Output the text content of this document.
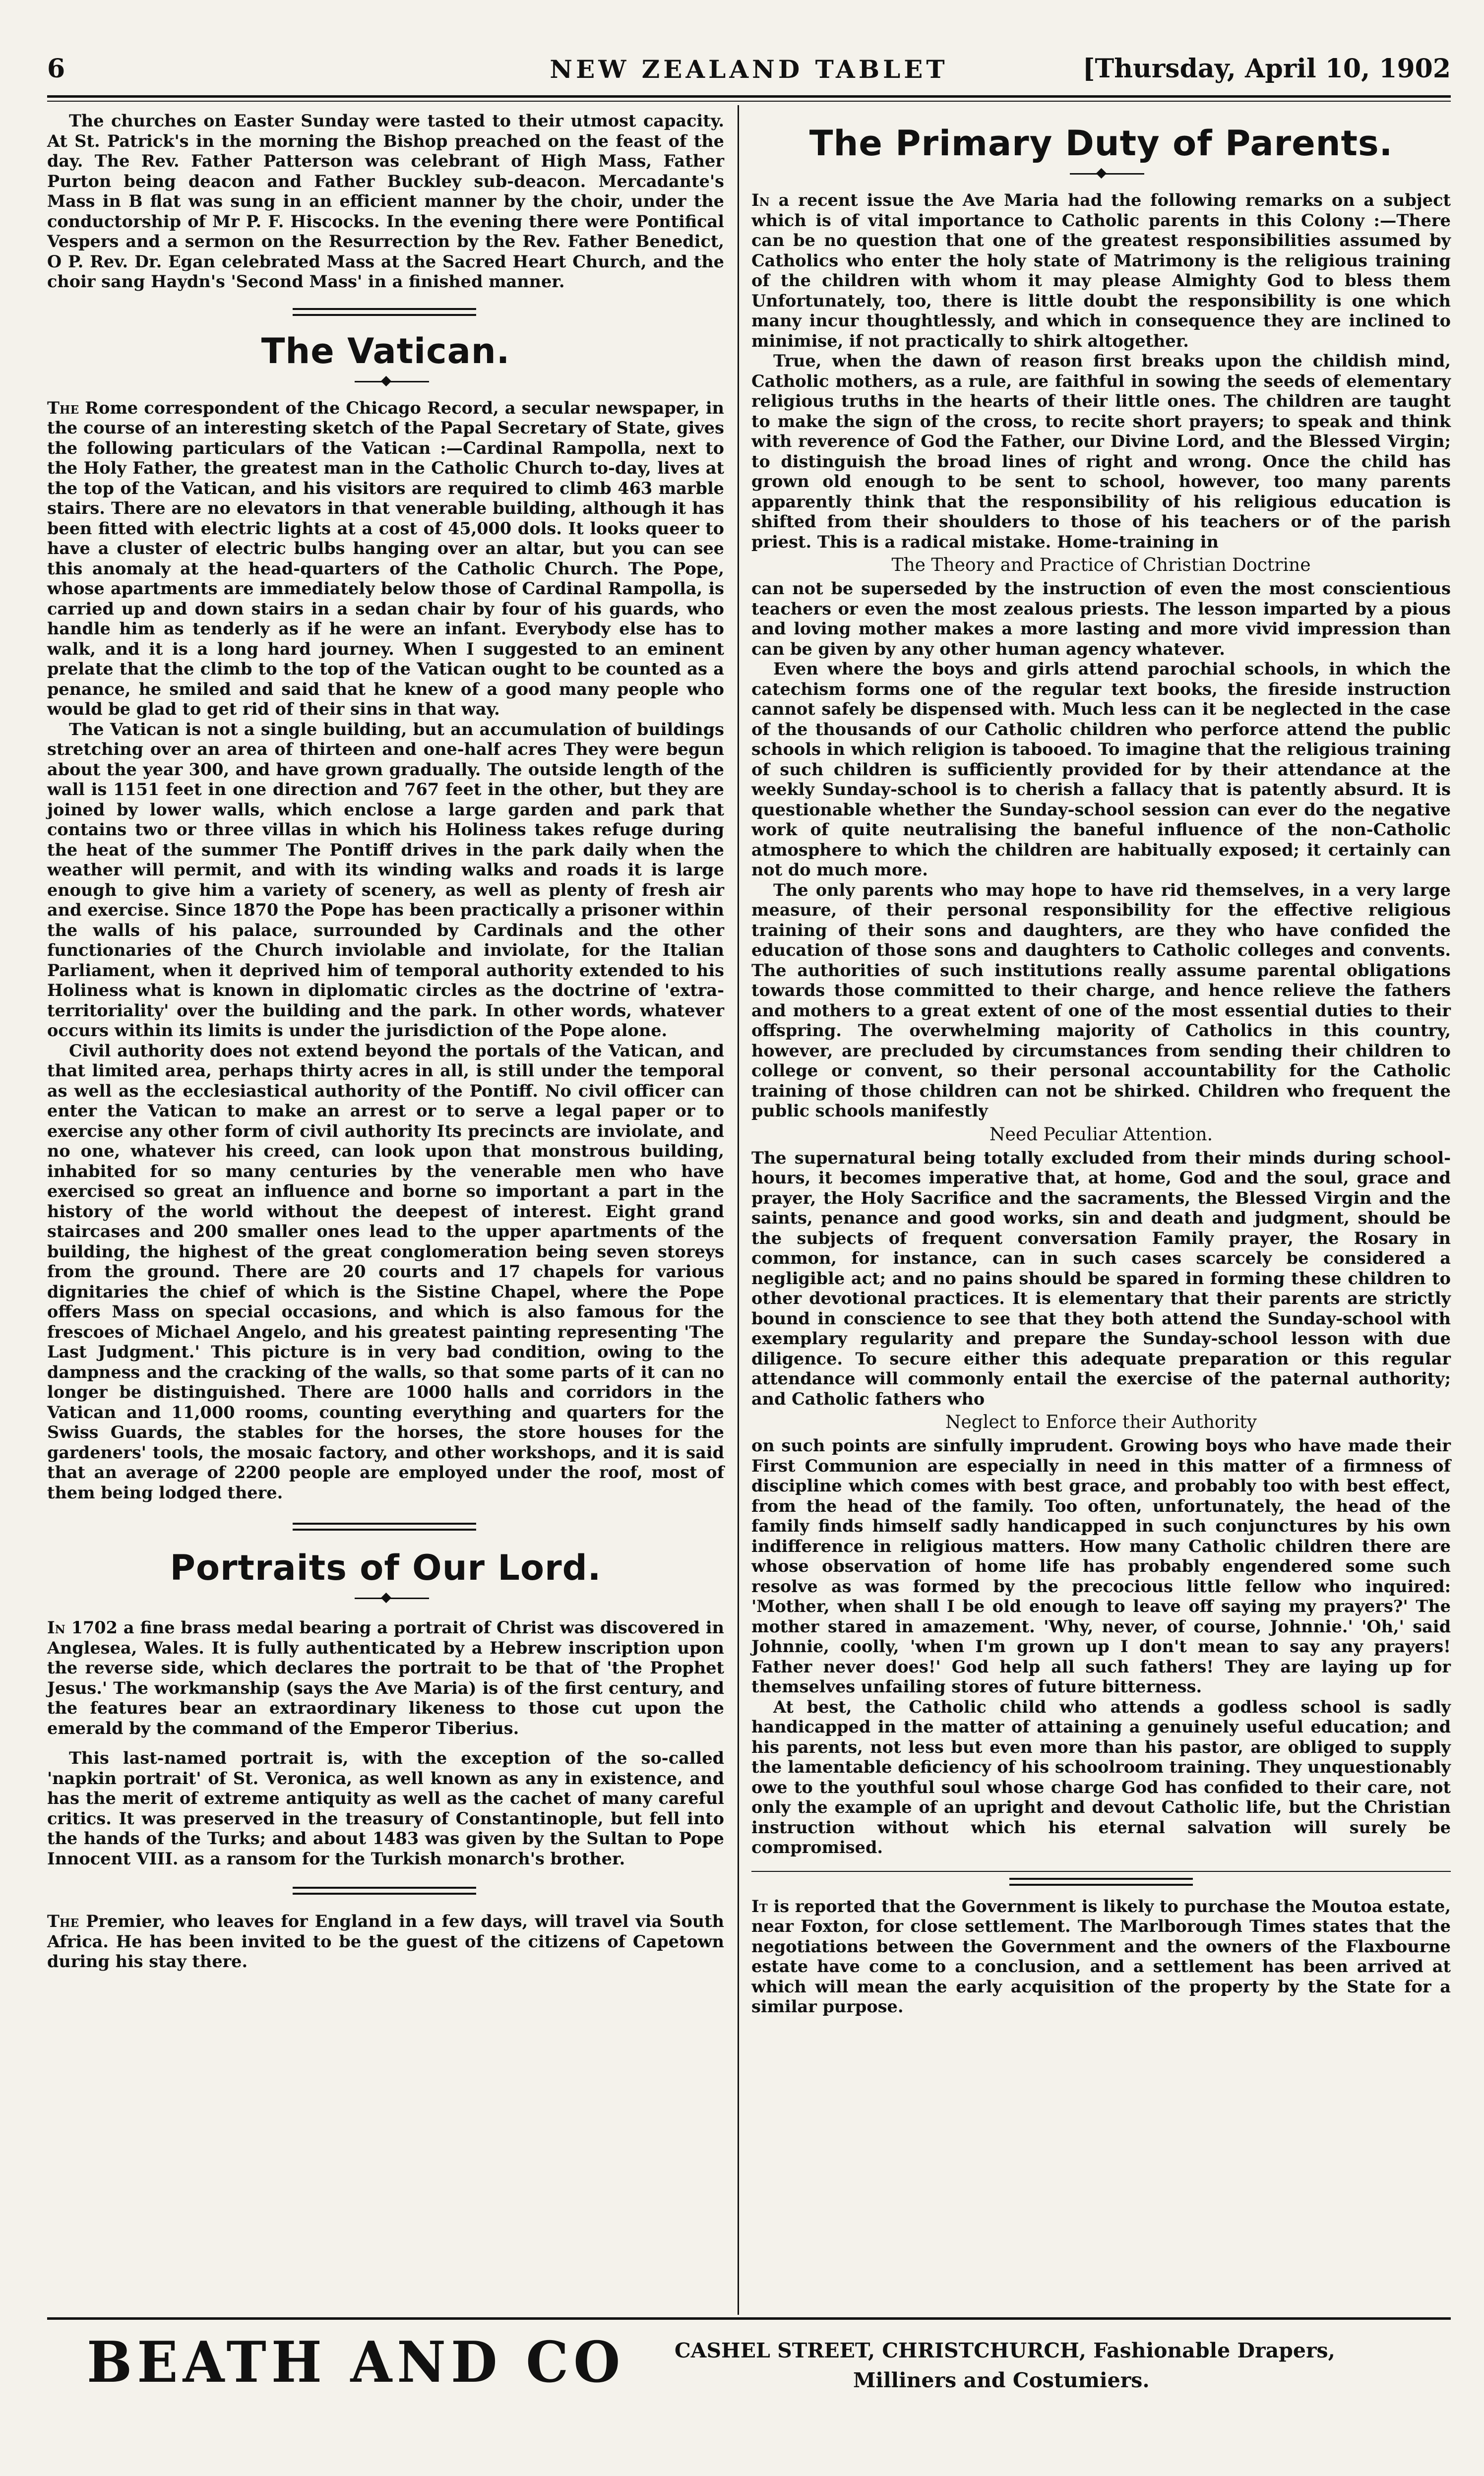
6	NEW ZEALAND TABLET	[Thursday, April 10, 1902

The churches on Easter Sunday were tasted to their utmost capacity. At St. Patrick's in the morning the Bishop preached on the feast of the day. The Rev. Father Patterson was celebrant of High Mass, Father Purton being deacon and Father Buckley sub-deacon. Mercadante's Mass in B flat was sung in an efficient manner by the choir, under the conductorship of Mr P. F. Hiscocks. In the evening there were Pontifical Vespers and a sermon on the Resurrection by the Rev. Father Benedict, O P. Rev. Dr. Egan celebrated Mass at the Sacred Heart Church, and the choir sang Haydn's 'Second Mass' in a finished manner.

The Vatican.

The Rome correspondent of the Chicago Record, a secular newspaper, in the course of an interesting sketch of the Papal Secretary of State, gives the following particulars of the Vatican :—Cardinal Rampolla, next to the Holy Father, the greatest man in the Catholic Church to-day, lives at the top of the Vatican, and his visitors are required to climb 463 marble stairs. There are no elevators in that venerable building, although it has been fitted with electric lights at a cost of 45,000 dols. It looks queer to have a cluster of electric bulbs hanging over an altar, but you can see this anomaly at the head-quarters of the Catholic Church. The Pope, whose apartments are immediately below those of Cardinal Rampolla, is carried up and down stairs in a sedan chair by four of his guards, who handle him as tenderly as if he were an infant. Everybody else has to walk, and it is a long hard journey. When I suggested to an eminent prelate that the climb to the top of the Vatican ought to be counted as a penance, he smiled and said that he knew of a good many people who would be glad to get rid of their sins in that way.

The Vatican is not a single building, but an accumulation of buildings stretching over an area of thirteen and one-half acres They were begun about the year 300, and have grown gradually. The outside length of the wall is 1151 feet in one direction and 767 feet in the other, but they are joined by lower walls, which enclose a large garden and park that contains two or three villas in which his Holiness takes refuge during the heat of the summer The Pontiff drives in the park daily when the weather will permit, and with its winding walks and roads it is large enough to give him a variety of scenery, as well as plenty of fresh air and exercise. Since 1870 the Pope has been practically a prisoner within the walls of his palace, surrounded by Cardinals and the other functionaries of the Church inviolable and inviolate, for the Italian Parliament, when it deprived him of temporal authority extended to his Holiness what is known in diplomatic circles as the doctrine of 'extra-territoriality' over the building and the park. In other words, whatever occurs within its limits is under the jurisdiction of the Pope alone.

Civil authority does not extend beyond the portals of the Vatican, and that limited area, perhaps thirty acres in all, is still under the temporal as well as the ecclesiastical authority of the Pontiff. No civil officer can enter the Vatican to make an arrest or to serve a legal paper or to exercise any other form of civil authority Its precincts are inviolate, and no one, whatever his creed, can look upon that monstrous building, inhabited for so many centuries by the venerable men who have exercised so great an influence and borne so important a part in the history of the world without the deepest of interest. Eight grand staircases and 200 smaller ones lead to the upper apartments of the building, the highest of the great conglomeration being seven storeys from the ground. There are 20 courts and 17 chapels for various dignitaries the chief of which is the Sistine Chapel, where the Pope offers Mass on special occasions, and which is also famous for the frescoes of Michael Angelo, and his greatest painting representing 'The Last Judgment.' This picture is in very bad condition, owing to the dampness and the cracking of the walls, so that some parts of it can no longer be distinguished. There are 1000 halls and corridors in the Vatican and 11,000 rooms, counting everything and quarters for the Swiss Guards, the stables for the horses, the store houses for the gardeners' tools, the mosaic factory, and other workshops, and it is said that an average of 2200 people are employed under the roof, most of them being lodged there.

Portraits of Our Lord.

In 1702 a fine brass medal bearing a portrait of Christ was discovered in Anglesea, Wales. It is fully authenticated by a Hebrew inscription upon the reverse side, which declares the portrait to be that of 'the Prophet Jesus.' The workmanship (says the Ave Maria) is of the first century, and the features bear an extraordinary likeness to those cut upon the emerald by the command of the Emperor Tiberius.

This last-named portrait is, with the exception of the so-called 'napkin portrait' of St. Veronica, as well known as any in existence, and has the merit of extreme antiquity as well as the cachet of many careful critics. It was preserved in the treasury of Constantinople, but fell into the hands of the Turks; and about 1483 was given by the Sultan to Pope Innocent VIII. as a ransom for the Turkish monarch's brother.

The Premier, who leaves for England in a few days, will travel via South Africa. He has been invited to be the guest of the citizens of Capetown during his stay there.

The Primary Duty of Parents.

In a recent issue the Ave Maria had the following remarks on a subject which is of vital importance to Catholic parents in this Colony :—There can be no question that one of the greatest responsibilities assumed by Catholics who enter the holy state of Matrimony is the religious training of the children with whom it may please Almighty God to bless them Unfortunately, too, there is little doubt the responsibility is one which many incur thoughtlessly, and which in consequence they are inclined to minimise, if not practically to shirk altogether.

True, when the dawn of reason first breaks upon the childish mind, Catholic mothers, as a rule, are faithful in sowing the seeds of elementary religious truths in the hearts of their little ones. The children are taught to make the sign of the cross, to recite short prayers; to speak and think with reverence of God the Father, our Divine Lord, and the Blessed Virgin; to distinguish the broad lines of right and wrong. Once the child has grown old enough to be sent to school, however, too many parents apparently think that the responsibility of his religious education is shifted from their shoulders to those of his teachers or of the parish priest. This is a radical mistake. Home-training in

The Theory and Practice of Christian Doctrine

can not be superseded by the instruction of even the most conscientious teachers or even the most zealous priests. The lesson imparted by a pious and loving mother makes a more lasting and more vivid impression than can be given by any other human agency whatever.

Even where the boys and girls attend parochial schools, in which the catechism forms one of the regular text books, the fireside instruction cannot safely be dispensed with. Much less can it be neglected in the case of the thousands of our Catholic children who perforce attend the public schools in which religion is tabooed. To imagine that the religious training of such children is sufficiently provided for by their attendance at the weekly Sunday-school is to cherish a fallacy that is patently absurd. It is questionable whether the Sunday-school session can ever do the negative work of quite neutralising the baneful influence of the non-Catholic atmosphere to which the children are habitually exposed; it certainly can not do much more.

The only parents who may hope to have rid themselves, in a very large measure, of their personal responsibility for the effective religious training of their sons and daughters, are they who have confided the education of those sons and daughters to Catholic colleges and convents. The authorities of such institutions really assume parental obligations towards those committed to their charge, and hence relieve the fathers and mothers to a great extent of one of the most essential duties to their offspring. The overwhelming majority of Catholics in this country, however, are precluded by circumstances from sending their children to college or convent, so their personal accountability for the Catholic training of those children can not be shirked. Children who frequent the public schools manifestly

Need Peculiar Attention.

The supernatural being totally excluded from their minds during school-hours, it becomes imperative that, at home, God and the soul, grace and prayer, the Holy Sacrifice and the sacraments, the Blessed Virgin and the saints, penance and good works, sin and death and judgment, should be the subjects of frequent conversation Family prayer, the Rosary in common, for instance, can in such cases scarcely be considered a negligible act; and no pains should be spared in forming these children to other devotional practices. It is elementary that their parents are strictly bound in conscience to see that they both attend the Sunday-school with exemplary regularity and prepare the Sunday-school lesson with due diligence. To secure either this adequate preparation or this regular attendance will commonly entail the exercise of the paternal authority; and Catholic fathers who

Neglect to Enforce their Authority

on such points are sinfully imprudent. Growing boys who have made their First Communion are especially in need in this matter of a firmness of discipline which comes with best grace, and probably too with best effect, from the head of the family. Too often, unfortunately, the head of the family finds himself sadly handicapped in such conjunctures by his own indifference in religious matters. How many Catholic children there are whose observation of home life has probably engendered some such resolve as was formed by the precocious little fellow who inquired: 'Mother, when shall I be old enough to leave off saying my prayers?' The mother stared in amazement. 'Why, never, of course, Johnnie.' 'Oh,' said Johnnie, coolly, 'when I'm grown up I don't mean to say any prayers! Father never does!' God help all such fathers! They are laying up for themselves unfailing stores of future bitterness.

At best, the Catholic child who attends a godless school is sadly handicapped in the matter of attaining a genuinely useful education; and his parents, not less but even more than his pastor, are obliged to supply the lamentable deficiency of his schoolroom training. They unquestionably owe to the youthful soul whose charge God has confided to their care, not only the example of an upright and devout Catholic life, but the Christian instruction without which his eternal salvation will surely be compromised.

It is reported that the Government is likely to purchase the Moutoa estate, near Foxton, for close settlement. The Marlborough Times states that the negotiations between the Government and the owners of the Flaxbourne estate have come to a conclusion, and a settlement has been arrived at which will mean the early acquisition of the property by the State for a similar purpose.

BEATH AND CO CASHEL STREET, CHRISTCHURCH, Fashionable Drapers,
Milliners and Costumiers.
